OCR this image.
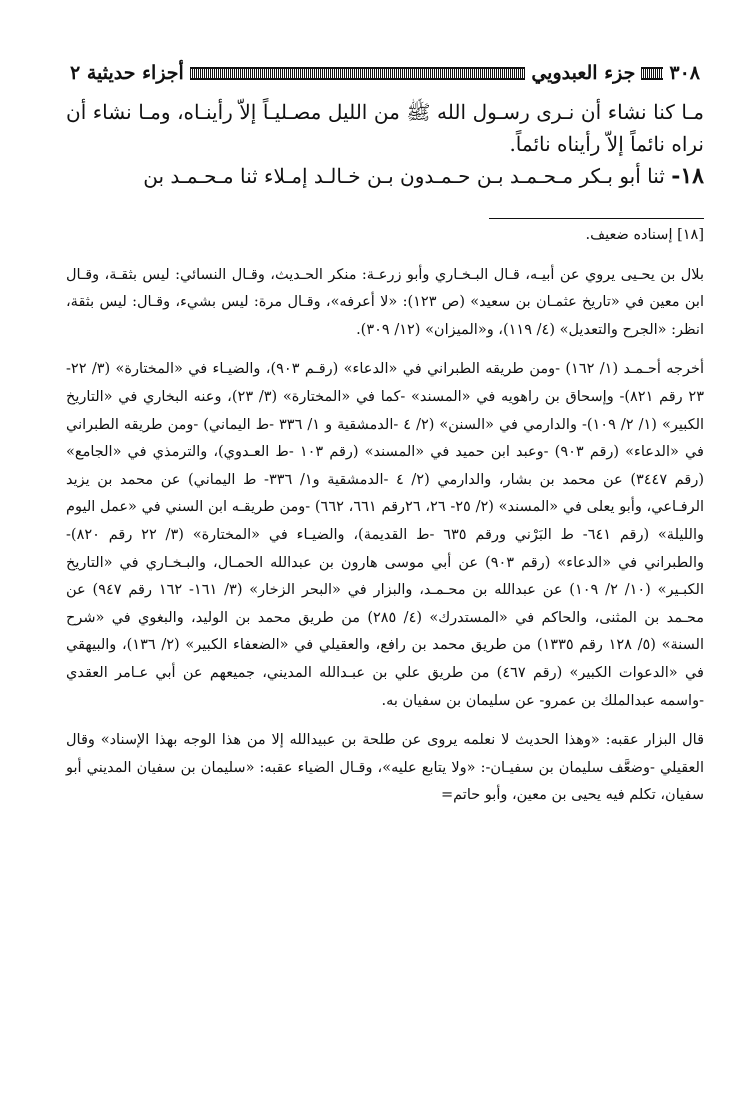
٣٠٨
جزء العبدويي
أجزاء حديثية ٢

مـا كنا نشاء أن نـرى رسـول الله ﷺ من الليل مصـليـاً إلاّ رأينـاه، ومـا نشاء أن نراه نائماً إلاّ رأيناه نائماً.

١٨- ثنا أبو بـكر مـحـمـد بـن حـمـدون بـن خـالـد إمـلاء ثنا مـحـمـد بن

[١٨] إسناده ضعيف.

بلال بن يحـيى يروي عن أبيـه، قـال البـخـاري وأبو زرعـة: منكر الحـديث، وقـال النسائي: ليس بثقـة، وقـال ابن معين في «تاريخ عثمـان بن سعيد» (ص ١٢٣): «لا أعرفه»، وقـال مرة: ليس بشيء، وقـال: ليس بثقة، انظر: «الجرح والتعديل» (٤/ ١١٩)، و«الميزان» (١٢/ ٣٠٩).

أخرجه أحـمـد (١/ ١٦٢) -ومن طريقه الطبراني في «الدعاء» (رقـم ٩٠٣)، والضيـاء في «المختارة» (٣/ ٢٢- ٢٣ رقم ٨٢١)- وإسحاق بن راهويه في «المسند» -كما في «المختارة» (٣/ ٢٣)، وعنه البخاري في «التاريخ الكبير» (١/ ٢/ ١٠٩)- والدارمي في «السنن» (٢/ ٤ -الدمشقية و ١/ ٣٣٦ -ط اليماني) -ومن طريقه الطبراني في «الدعاء» (رقم ٩٠٣) -وعبد ابن حميد في «المسند» (رقم ١٠٣ -ط العـدوي)، والترمذي في «الجامع» (رقم ٣٤٤٧) عن محمد بن بشار، والدارمي (٢/ ٤ -الدمشقية و١/ ٣٣٦- ط اليماني) عن محمد بن يزيد الرفـاعي، وأبو يعلى في «المسند» (٢/ ٢٥- ٢٦، ٢٦رقم ٦٦١، ٦٦٢) -ومن طريقـه ابن السني في «عمل اليوم والليلة» (رقم ٦٤١- ط البَرْني ورقم ٦٣٥ -ط القديمة)، والضيـاء في «المختارة» (٣/ ٢٢ رقم ٨٢٠)- والطبراني في «الدعاء» (رقم ٩٠٣) عن أبي موسى هارون بن عبدالله الحمـال، والبـخـاري في «التاريخ الكبـير» (١٠/ ٢/ ١٠٩) عن عبدالله بن محـمـد، والبزار في «البحر الزخار» (٣/ ١٦١- ١٦٢ رقم ٩٤٧) عن محـمد بن المثنى، والحاكم في «المستدرك» (٤/ ٢٨٥) من طريق محمد بن الوليد، والبغوي في «شرح السنة» (٥/ ١٢٨ رقم ١٣٣٥) من طريق محمد بن رافع، والعقيلي في «الضعفاء الكبير» (٢/ ١٣٦)، والبيهقي في «الدعوات الكبير» (رقم ٤٦٧) من طريق علي بن عبـدالله المديني، جميعهم عن أبي عـامر العقدي -واسمه عبدالملك بن عمرو- عن سليمان بن سفيان به.

قال البزار عقبه: «وهذا الحديث لا نعلمه يروى عن طلحة بن عبيدالله إلا من هذا الوجه بهذا الإسناد» وقال العقيلي -وضعَّف سليمان بن سفيـان-: «ولا يتابع عليه»، وقـال الضياء عقبه: «سليمان بن سفيان المديني أبو سفيان، تكلم فيه يحيى بن معين، وأبو حاتم=
